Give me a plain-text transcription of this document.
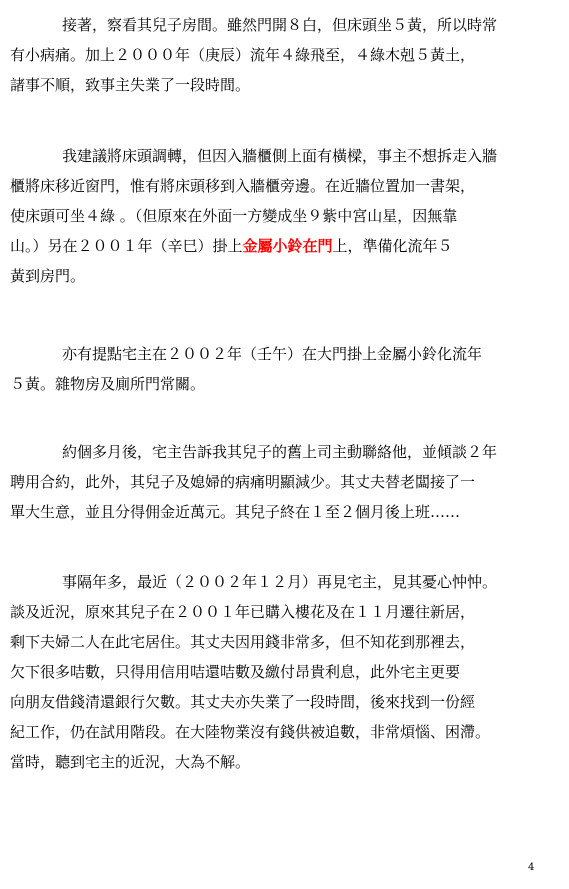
接著，察看其兒子房間。雖然門開８白，但床頭坐５黃，所以時常
有小病痛。加上２０００年（庚辰）流年４綠飛至，４綠木剋５黃土，
諸事不順，致事主失業了一段時間。
我建議將床頭調轉，但因入牆櫃側上面有橫樑，事主不想拆走入牆
櫃將床移近窗門，惟有將床頭移到入牆櫃旁邊。在近牆位置加一書架，
使床頭可坐４綠 。（但原來在外面一方變成坐９紫中宮山星，因無靠
山。）另在２００１年（辛巳）掛上金屬小鈴在門上，準備化流年５
黃到房門。
亦有提點宅主在２００２年（壬午）在大門掛上金屬小鈴化流年
５黃。雜物房及廁所門常關。
約個多月後，宅主告訴我其兒子的舊上司主動聯絡他，並傾談２年
聘用合約，此外，其兒子及媳婦的病痛明顯減少。其丈夫替老闆接了一
單大生意，並且分得佣金近萬元。其兒子終在１至２個月後上班……
事隔年多，最近（２００２年１２月）再見宅主，見其憂心忡忡。
談及近況，原來其兒子在２００１年已購入樓花及在１１月遷往新居，
剩下夫婦二人在此宅居住。其丈夫因用錢非常多，但不知花到那裡去，
欠下很多咭數，只得用信用咭還咭數及繳付昂貴利息，此外宅主更要
向朋友借錢清還銀行欠數。其丈夫亦失業了一段時間，後來找到一份經
紀工作，仍在試用階段。在大陸物業沒有錢供被追數，非常煩惱、困滯。
當時，聽到宅主的近況，大為不解。
4
